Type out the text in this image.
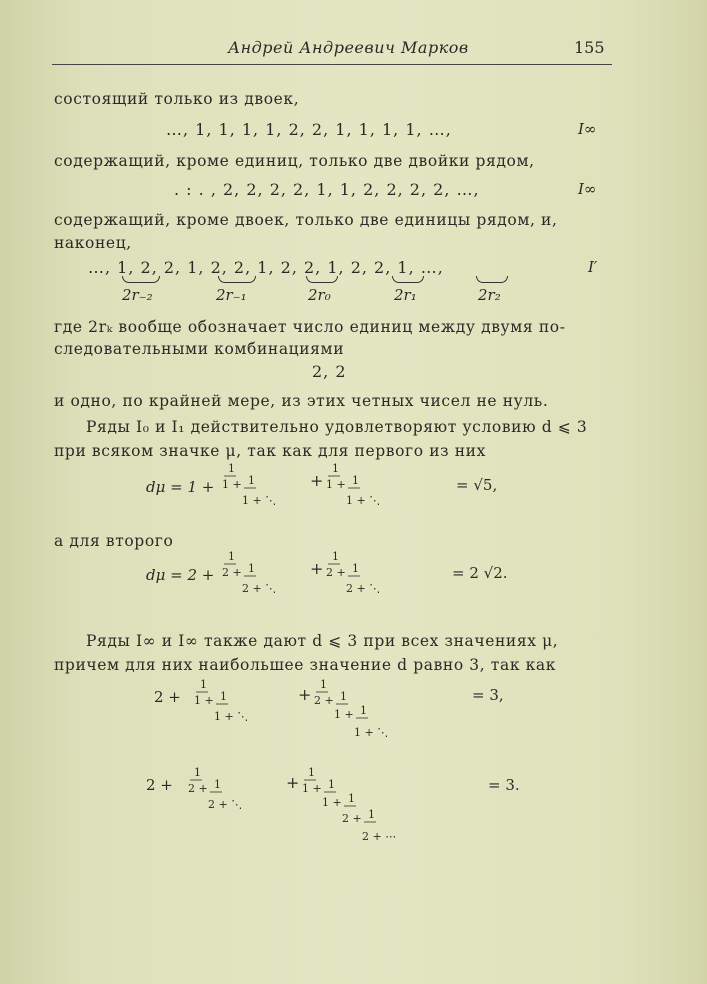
Андрей Андреевич Марков	155
состоящий только из двоек,
…, 1, 1, 1, 1, 2, 2, 1, 1, 1, 1, …,	I∞
содержащий, кроме единиц, только две двойки рядом,
. : . , 2, 2, 2, 2, 1, 1, 2, 2, 2, 2, …,	I∞
содержащий, кроме двоек, только две единицы рядом, и,
наконец,
…, 1, 2, 2, 1, 2, 2, 1, 2, 2, 1, 2, 2, 1, …,	I′
2r₋₂	2r₋₁	2r₀	2r₁	2r₂
где 2rₖ вообще обозначает число единиц между двумя по-
следовательными комбинациями
2, 2
и одно, по крайней мере, из этих четных чисел не нуль.
Ряды I₀ и I₁ действительно удовлетворяют условию d ⩽ 3
при всяком значке μ, так как для первого из них
dμ = 1 +
1
1 + 1
1 + ⋱
+
1
1 + 1
1 + ⋱
= √5,
а для второго
dμ = 2 +
1
2 + 1
2 + ⋱
+
1
2 + 1
2 + ⋱
= 2 √2.
Ряды I∞ и I∞ также дают d ⩽ 3 при всех значениях μ,
причем для них наибольшее значение d равно 3, так как
2 +
1
1 + 1
1 + ⋱
+
1
2 + 1
1 + 1
1 + ⋱
= 3,
2 +
1
2 + 1
2 + ⋱
+
1
1 + 1
1 + 1
2 + 1
2 + ⋯
= 3.
